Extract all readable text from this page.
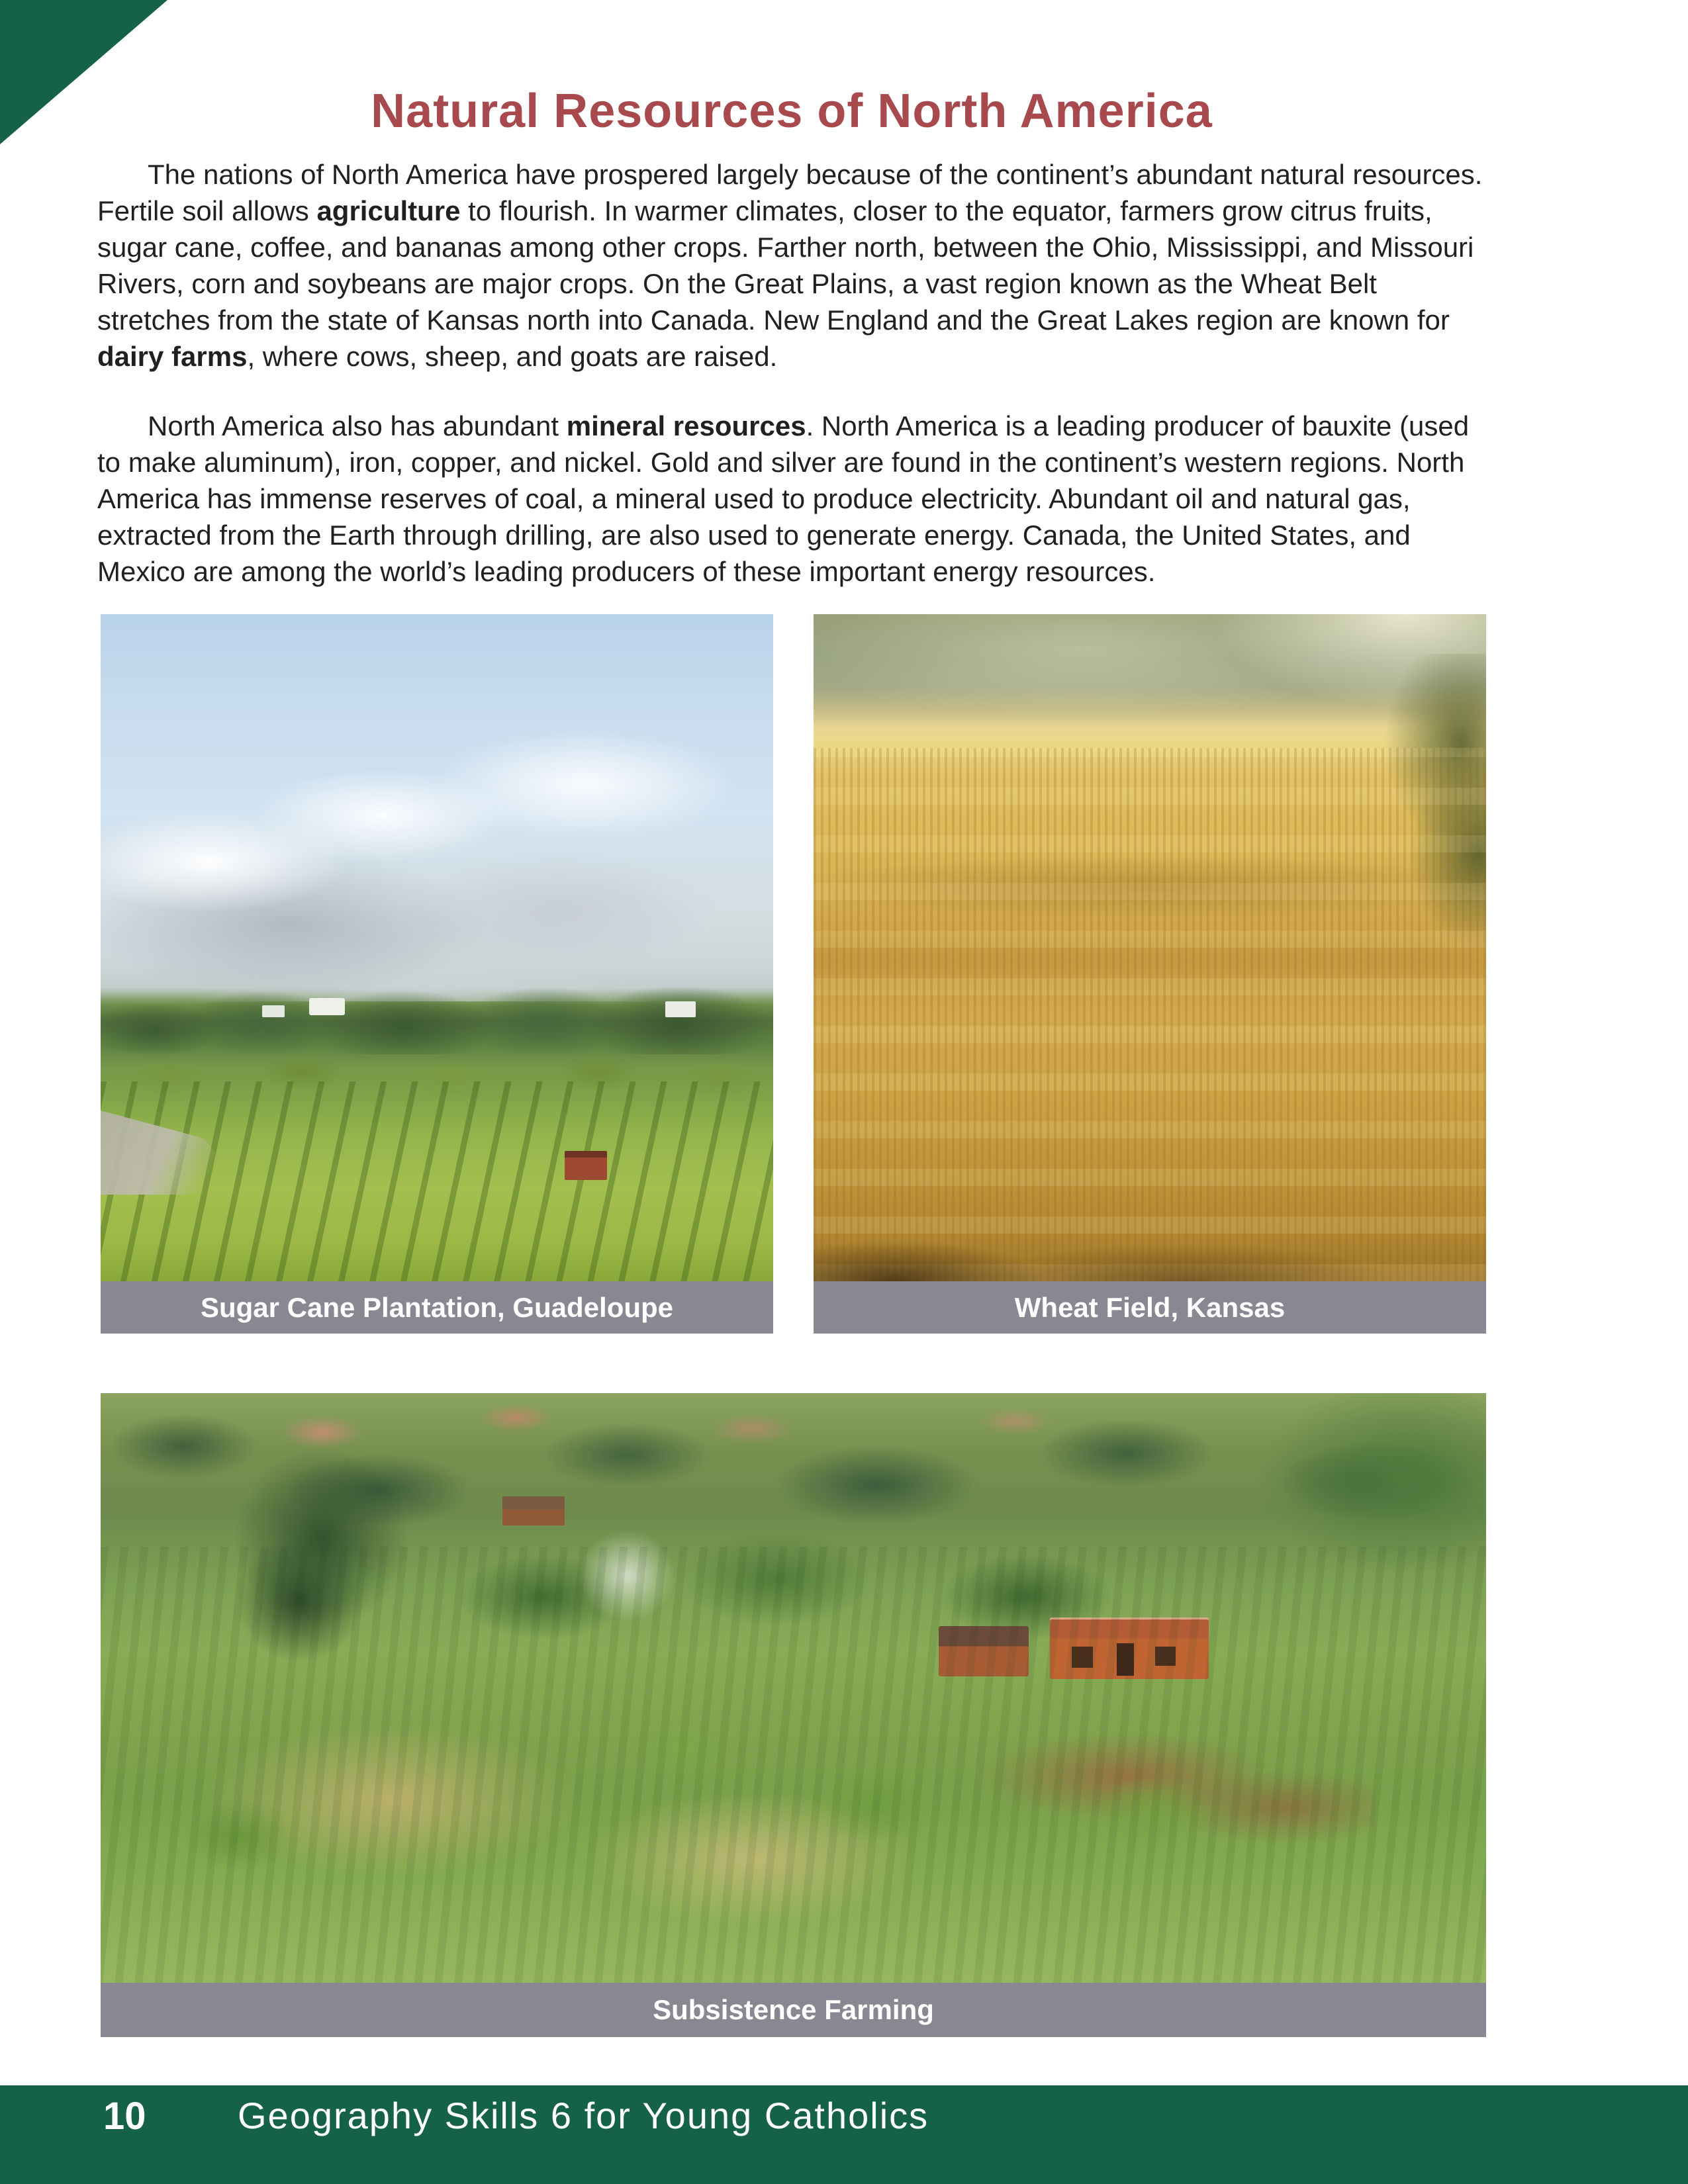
Natural Resources of North America

The nations of North America have prospered largely because of the continent’s abundant natural resources. Fertile soil allows agriculture to flourish. In warmer climates, closer to the equator, farmers grow citrus fruits, sugar cane, coffee, and bananas among other crops. Farther north, between the Ohio, Mississippi, and Missouri Rivers, corn and soybeans are major crops. On the Great Plains, a vast region known as the Wheat Belt stretches from the state of Kansas north into Canada. New England and the Great Lakes region are known for dairy farms, where cows, sheep, and goats are raised.

North America also has abundant mineral resources. North America is a leading producer of bauxite (used to make aluminum), iron, copper, and nickel. Gold and silver are found in the continent’s western regions. North America has immense reserves of coal, a mineral used to produce electricity. Abundant oil and natural gas, extracted from the Earth through drilling, are also used to generate energy. Canada, the United States, and Mexico are among the world’s leading producers of these important energy resources.

Sugar Cane Plantation, Guadeloupe	Wheat Field, Kansas
Subsistence Farming
10 Geography Skills 6 for Young Catholics
